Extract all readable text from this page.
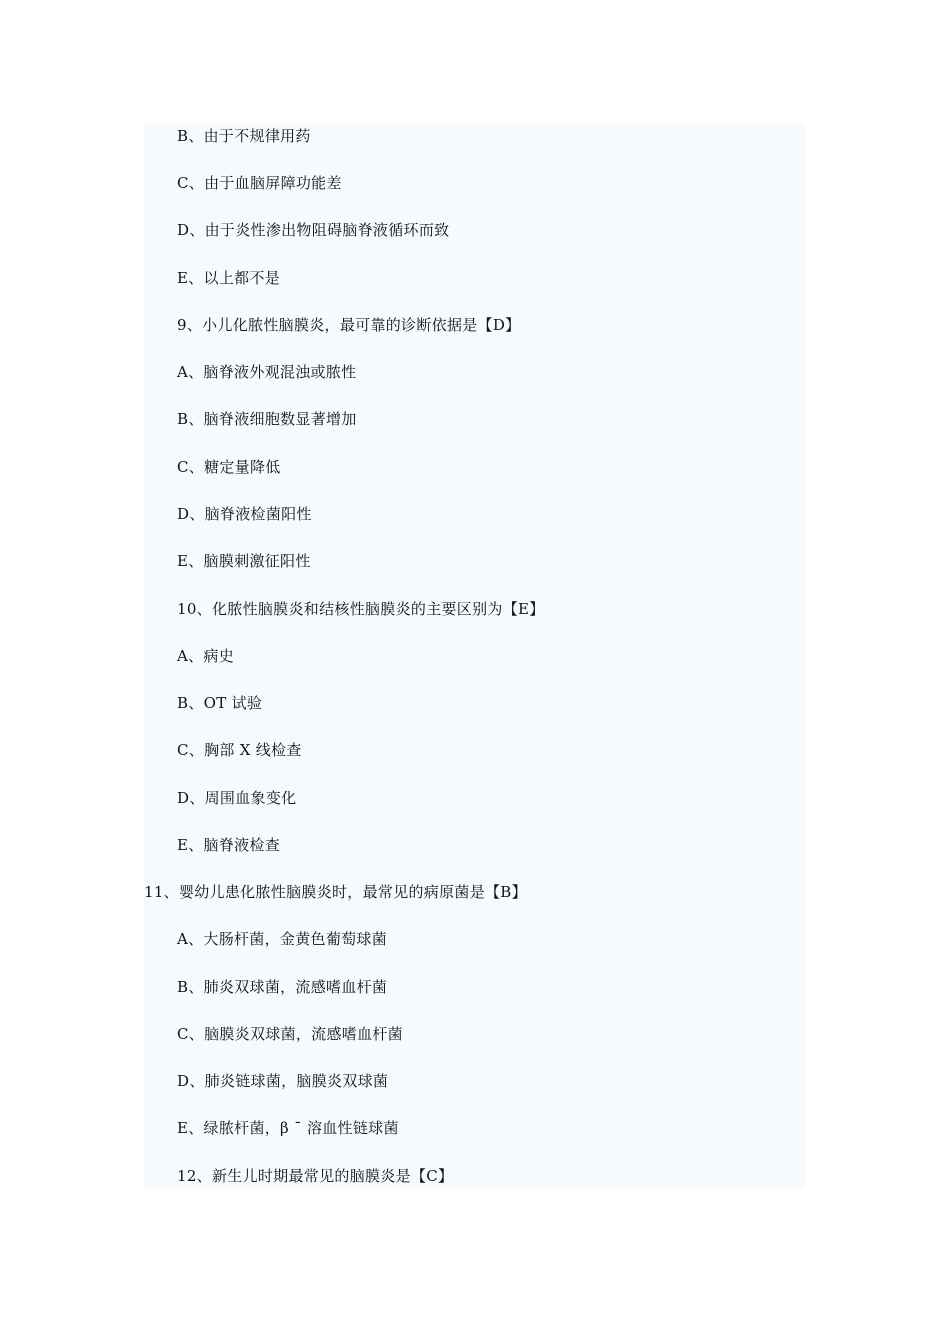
B、由于不规律用药
C、由于血脑屏障功能差
D、由于炎性渗出物阻碍脑脊液循环而致
E、以上都不是
9、小儿化脓性脑膜炎，最可靠的诊断依据是【D】
A、脑脊液外观混浊或脓性
B、脑脊液细胞数显著增加
C、糖定量降低
D、脑脊液检菌阳性
E、脑膜刺激征阳性
10、化脓性脑膜炎和结核性脑膜炎的主要区别为【E】
A、病史
B、OT 试验
C、胸部 X 线检查
D、周围血象变化
E、脑脊液检查
11、婴幼儿患化脓性脑膜炎时，最常见的病原菌是【B】
A、大肠杆菌，金黄色葡萄球菌
B、肺炎双球菌，流感嗜血杆菌
C、脑膜炎双球菌，流感嗜血杆菌
D、肺炎链球菌，脑膜炎双球菌
E、绿脓杆菌，β ¯ 溶血性链球菌
12、新生儿时期最常见的脑膜炎是【C】
